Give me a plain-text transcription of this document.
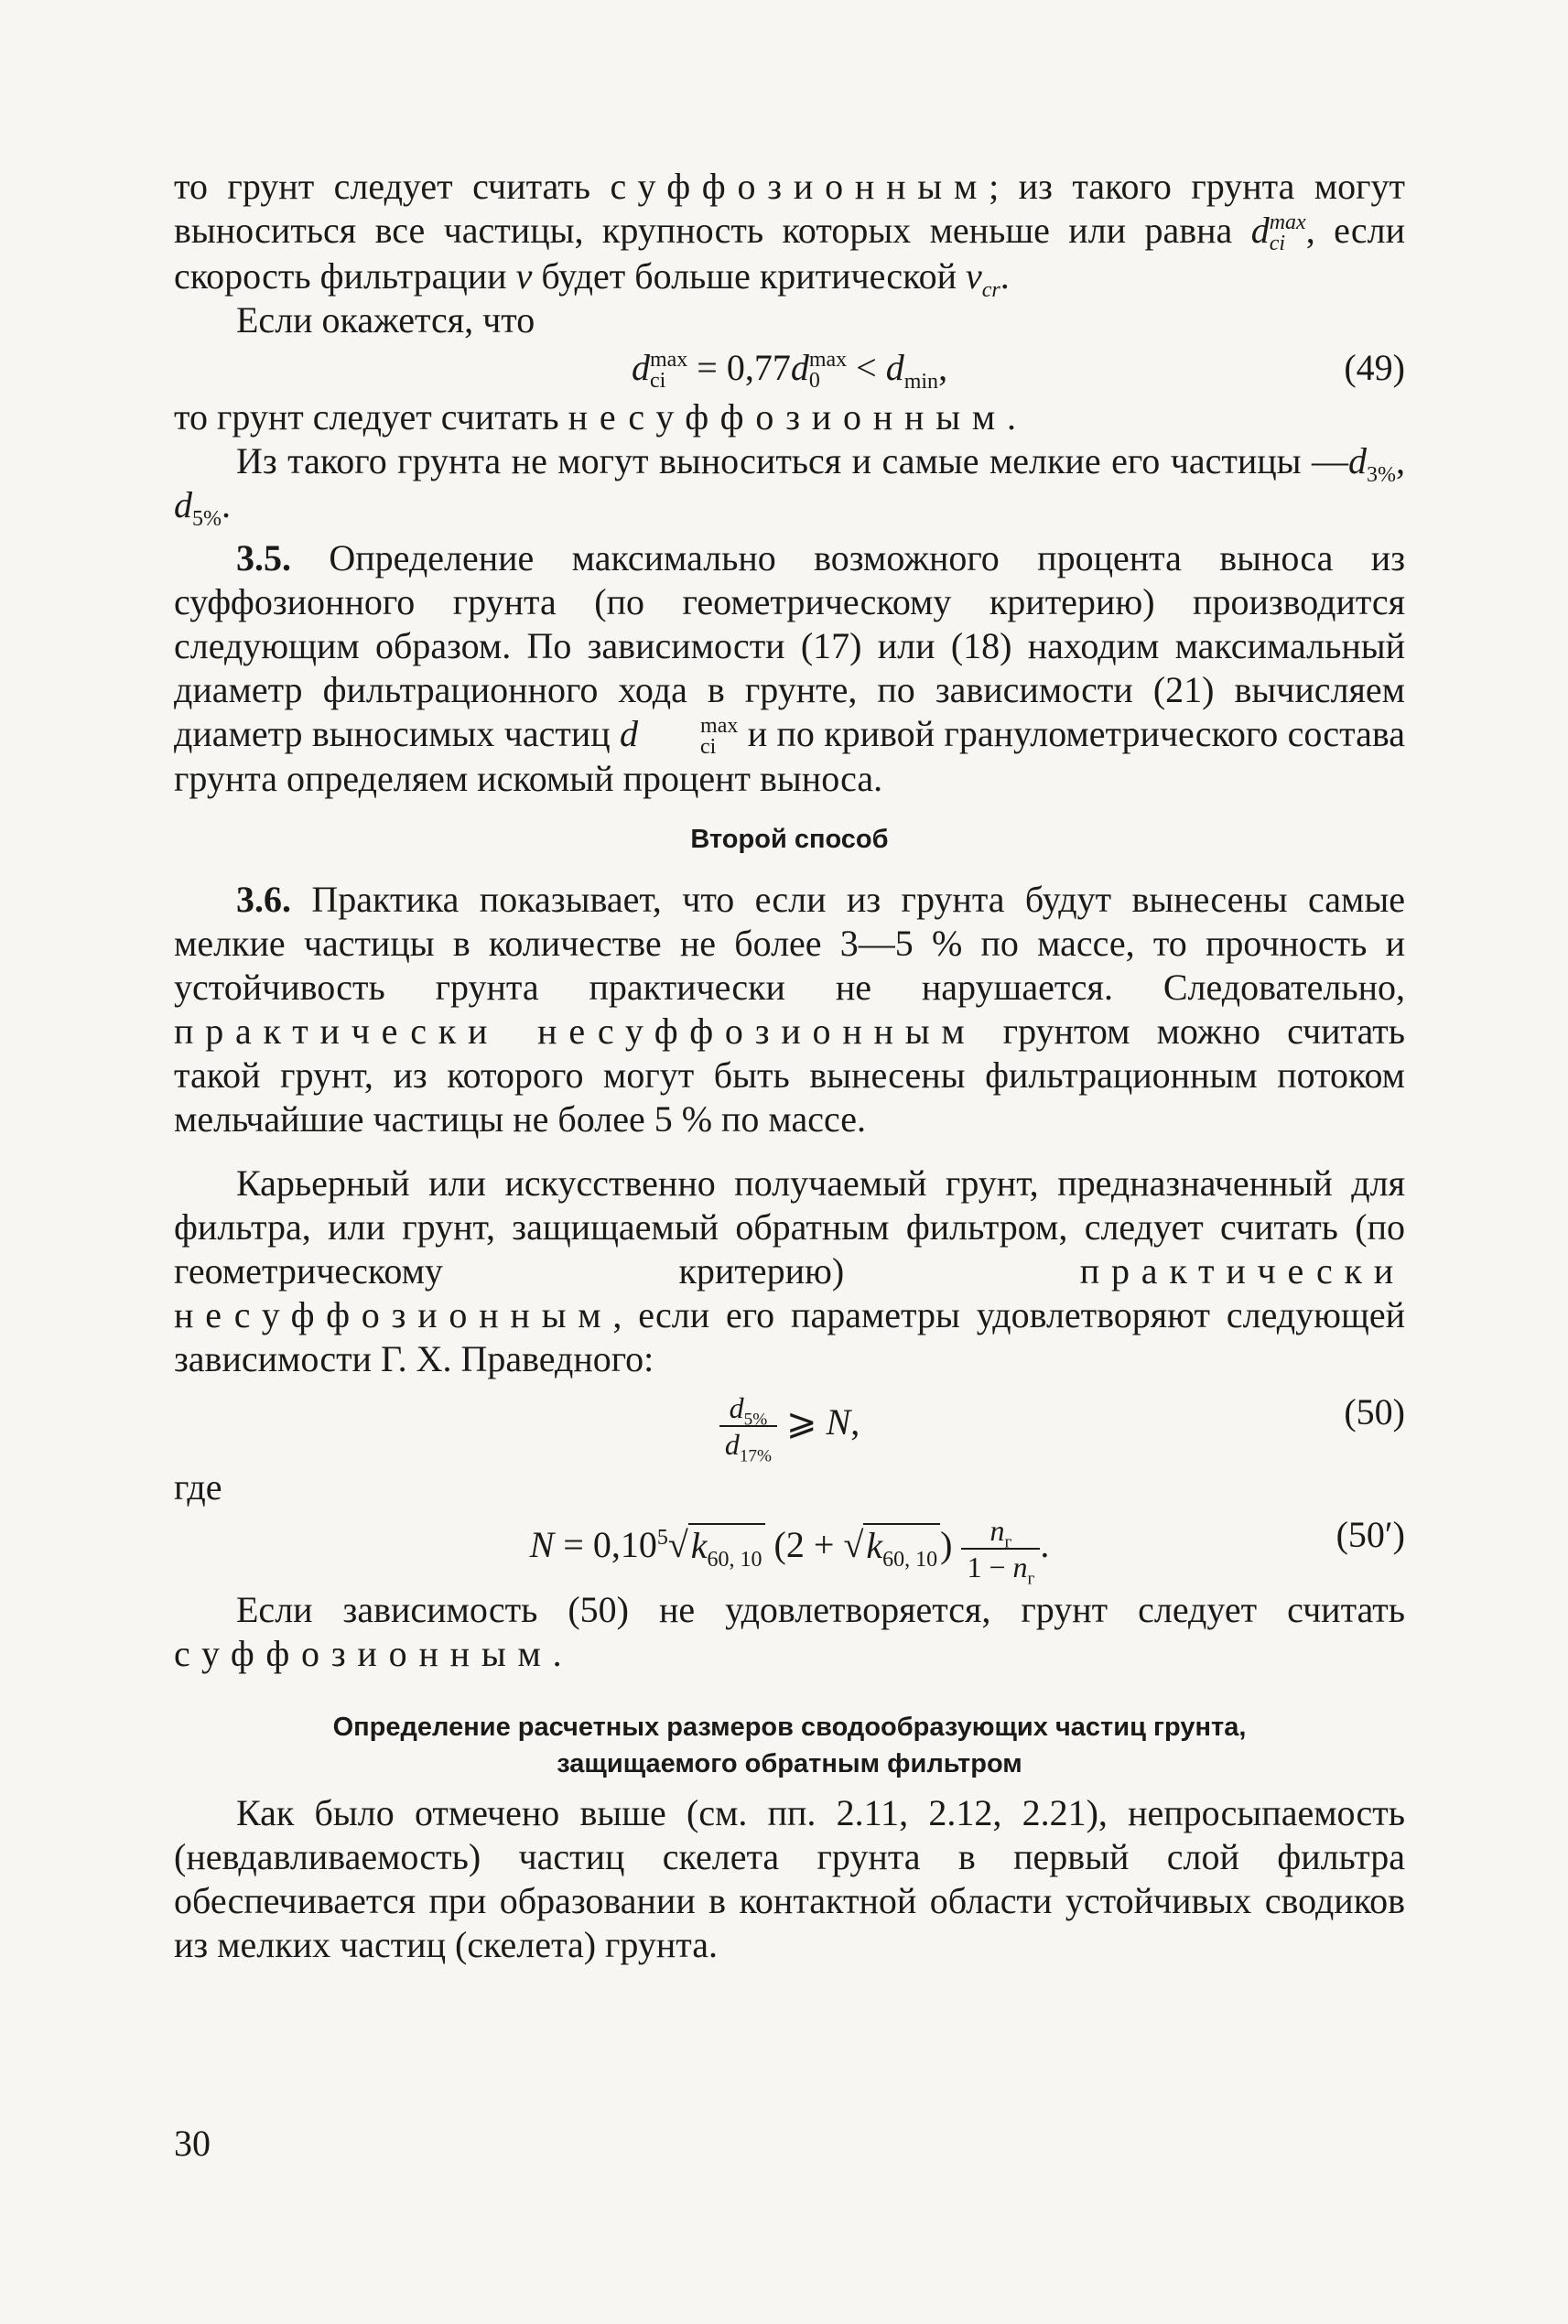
то грунт следует считать суффозионным; из такого грунта могут выноситься все частицы, крупность которых меньше или равна d max
ci , если скорость фильтрации v будет больше критической $v_{cr}$.

Если окажется, что

d max
ci = 0,77d max
$0 < d_{min}$,	(49)

то грунт следует считать несуффозионным.

Из такого грунта не могут выноситься и самые мелкие его частицы $—d_{3\%}$, $d_{5\%}$.

3.5. Определение максимально возможного процента выноса из суффозионного грунта (по геометрическому критерию) производится следующим образом. По зависимости (17) или (18) находим максимальный диаметр фильтрационного хода в грунте, по зависимости (21) вычисляем диаметр выносимых частиц d	max
ci и по кривой гранулометрического состава грунта определяем искомый процент выноса.

Второй способ

3.6. Практика показывает, что если из грунта будут вынесены самые мелкие частицы в количестве не более 3—5 % по массе, то прочность и устойчивость грунта практически не нарушается. Следовательно, практически несуффозионным грунтом можно считать такой грунт, из которого могут быть вынесены фильтрационным потоком мельчайшие частицы не более 5 % по массе.

Карьерный или искусственно получаемый грунт, предназначенный для фильтра, или грунт, защищаемый обратным фильтром, следует считать (по геометрическому критерию) практически несуффозионным, если его параметры удовлетворяют следующей зависимости Г. Х. Праведного:

$\frac{d_{5\%}}{d_{17\%}}$ ⩾ N,	(50)

где

$N = 0,10^5√k_{60, 10}$ $(2 + √k_{60, 10}) \frac{n_г}{1 - n_г}$ .	(50′)

Если зависимость (50) не удовлетворяется, грунт следует считать суффозионным.

Определение расчетных размеров сводообразующих частиц грунта,

защищаемого обратным фильтром

Как было отмечено выше (см. пп. 2.11, 2.12, 2.21), непросыпаемость (невдавливаемость) частиц скелета грунта в первый слой фильтра обеспечивается при образовании в контактной области устойчивых сводиков из мелких частиц (скелета) грунта.

30
